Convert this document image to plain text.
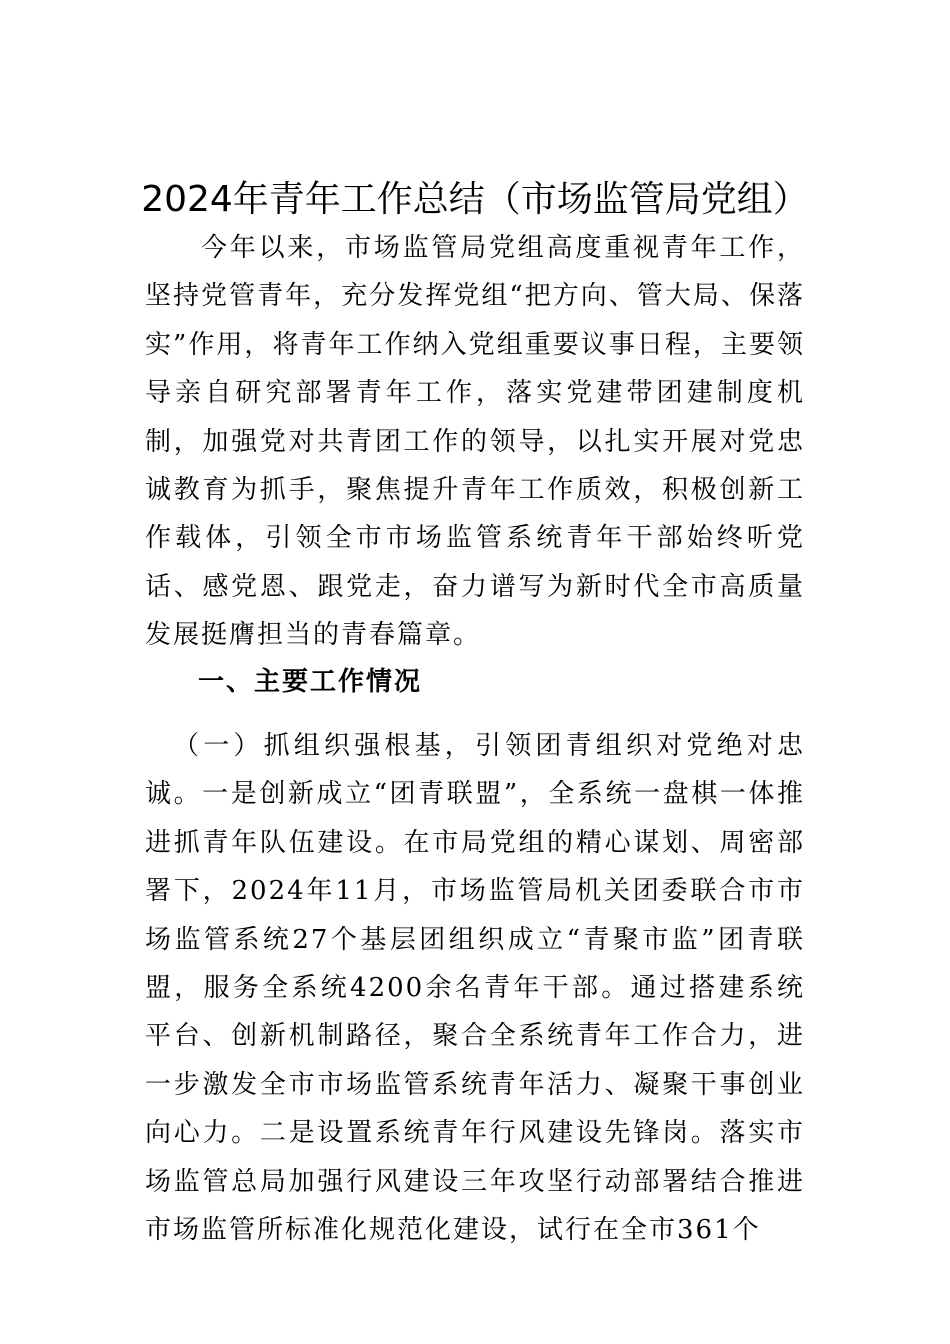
2024年青年工作总结（市场监管局党组）

今年以来，市场监管局党组高度重视青年工作，坚持党管青年，充分发挥党组“把方向、管大局、保落实”作用，将青年工作纳入党组重要议事日程，主要领导亲自研究部署青年工作，落实党建带团建制度机制，加强党对共青团工作的领导，以扎实开展对党忠诚教育为抓手，聚焦提升青年工作质效，积极创新工作载体，引领全市市场监管系统青年干部始终听党话、感党恩、跟党走，奋力谱写为新时代全市高质量发展挺膺担当的青春篇章。

一、主要工作情况

（一）抓组织强根基，引领团青组织对党绝对忠诚。一是创新成立“团青联盟”，全系统一盘棋一体推进抓青年队伍建设。在市局党组的精心谋划、周密部署下，2024年11月，市场监管局机关团委联合市市场监管系统27个基层团组织成立“青聚市监”团青联盟，服务全系统4200余名青年干部。通过搭建系统平台、创新机制路径，聚合全系统青年工作合力，进一步激发全市市场监管系统青年活力、凝聚干事创业向心力。二是设置系统青年行风建设先锋岗。落实市场监管总局加强行风建设三年攻坚行动部署结合推进市场监管所标准化规范化建设，试行在全市361个
